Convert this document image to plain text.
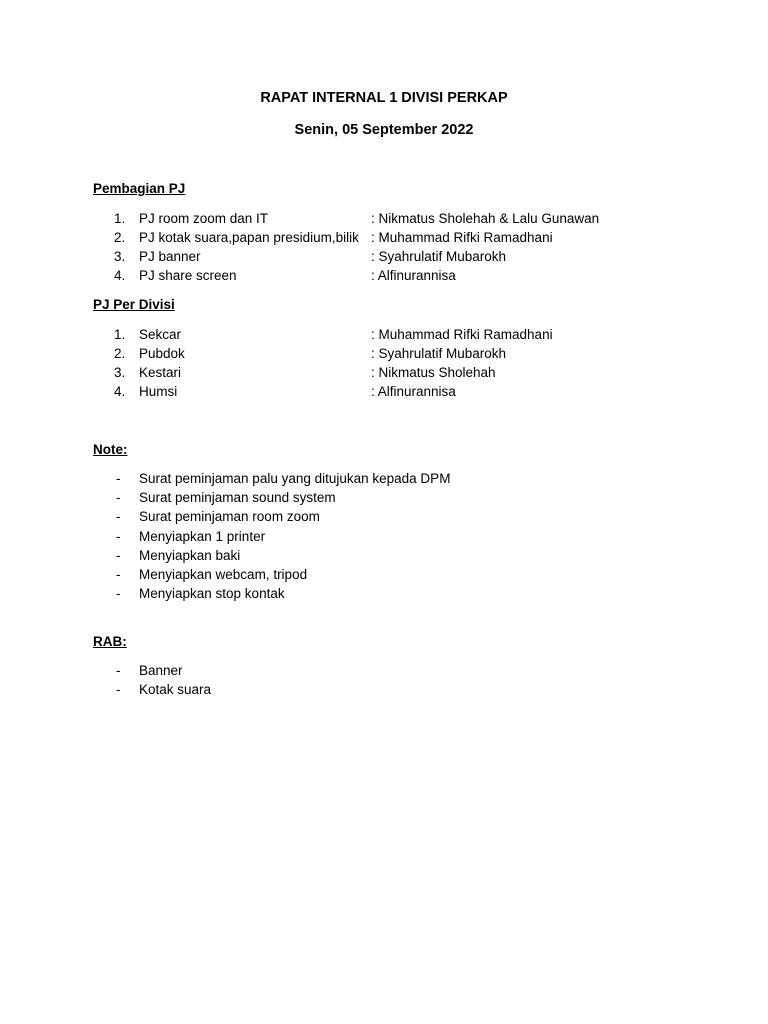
RAPAT INTERNAL 1 DIVISI PERKAP
Senin, 05 September 2022
Pembagian PJ
1. PJ room zoom dan IT	: Nikmatus Sholehah & Lalu Gunawan
2. PJ kotak suara,papan presidium,bilik : Muhammad Rifki Ramadhani
3. PJ banner	: Syahrulatif Mubarokh
4. PJ share screen	: Alfinurannisa
PJ Per Divisi
1. Sekcar	: Muhammad Rifki Ramadhani
2. Pubdok	: Syahrulatif Mubarokh
3. Kestari	: Nikmatus Sholehah
4. Humsi	: Alfinurannisa
Note:
- Surat peminjaman palu yang ditujukan kepada DPM
- Surat peminjaman sound system
- Surat peminjaman room zoom
- Menyiapkan 1 printer
- Menyiapkan baki
- Menyiapkan webcam, tripod
- Menyiapkan stop kontak
RAB:
- Banner
- Kotak suara
